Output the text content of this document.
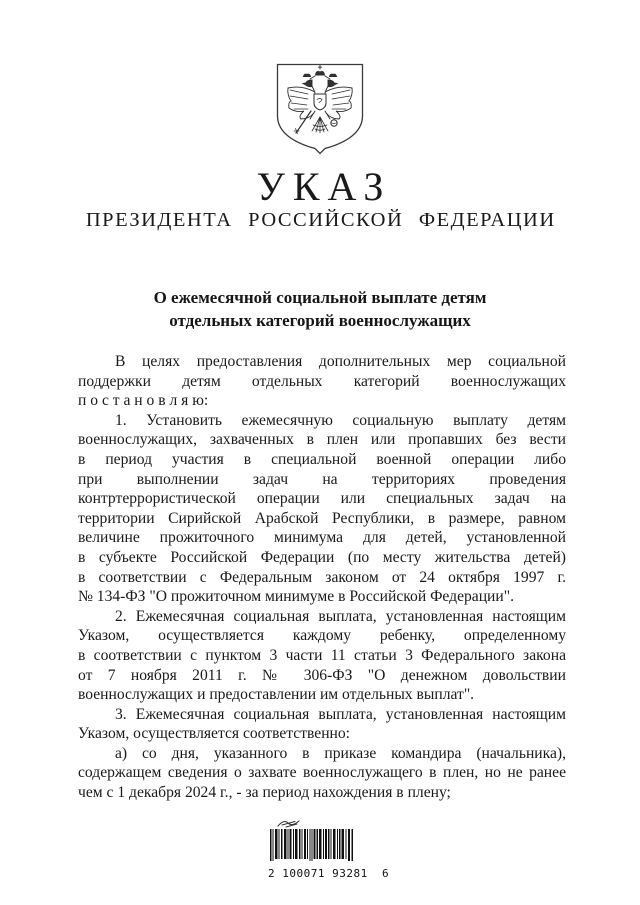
УКАЗ
ПРЕЗИДЕНТА РОССИЙСКОЙ ФЕДЕРАЦИИ
О ежемесячной социальной выплате детям
отдельных категорий военнослужащих
В целях предоставления дополнительных мер социальной
поддержки детям отдельных категорий военнослужащих
п о с т а н о в л я ю:
1. Установить ежемесячную социальную выплату детям
военнослужащих, захваченных в плен или пропавших без вести
в период участия в специальной военной операции либо
при выполнении задач на территориях проведения
контртеррористической операции или специальных задач на
территории Сирийской Арабской Республики, в размере, равном
величине прожиточного минимума для детей, установленной
в субъекте Российской Федерации (по месту жительства детей)
в соответствии с Федеральным законом от 24 октября 1997 г.
№ 134-ФЗ "О прожиточном минимуме в Российской Федерации".
2. Ежемесячная социальная выплата, установленная настоящим
Указом, осуществляется каждому ребенку, определенному
в соответствии с пунктом 3 части 11 статьи 3 Федерального закона
от 7 ноября 2011 г. № 306-ФЗ "О денежном довольствии
военнослужащих и предоставлении им отдельных выплат".
3. Ежемесячная социальная выплата, установленная настоящим
Указом, осуществляется соответственно:
а) со дня, указанного в приказе командира (начальника),
содержащем сведения о захвате военнослужащего в плен, но не ранее
чем с 1 декабря 2024 г., - за период нахождения в плену;
2 100071 93281  6
